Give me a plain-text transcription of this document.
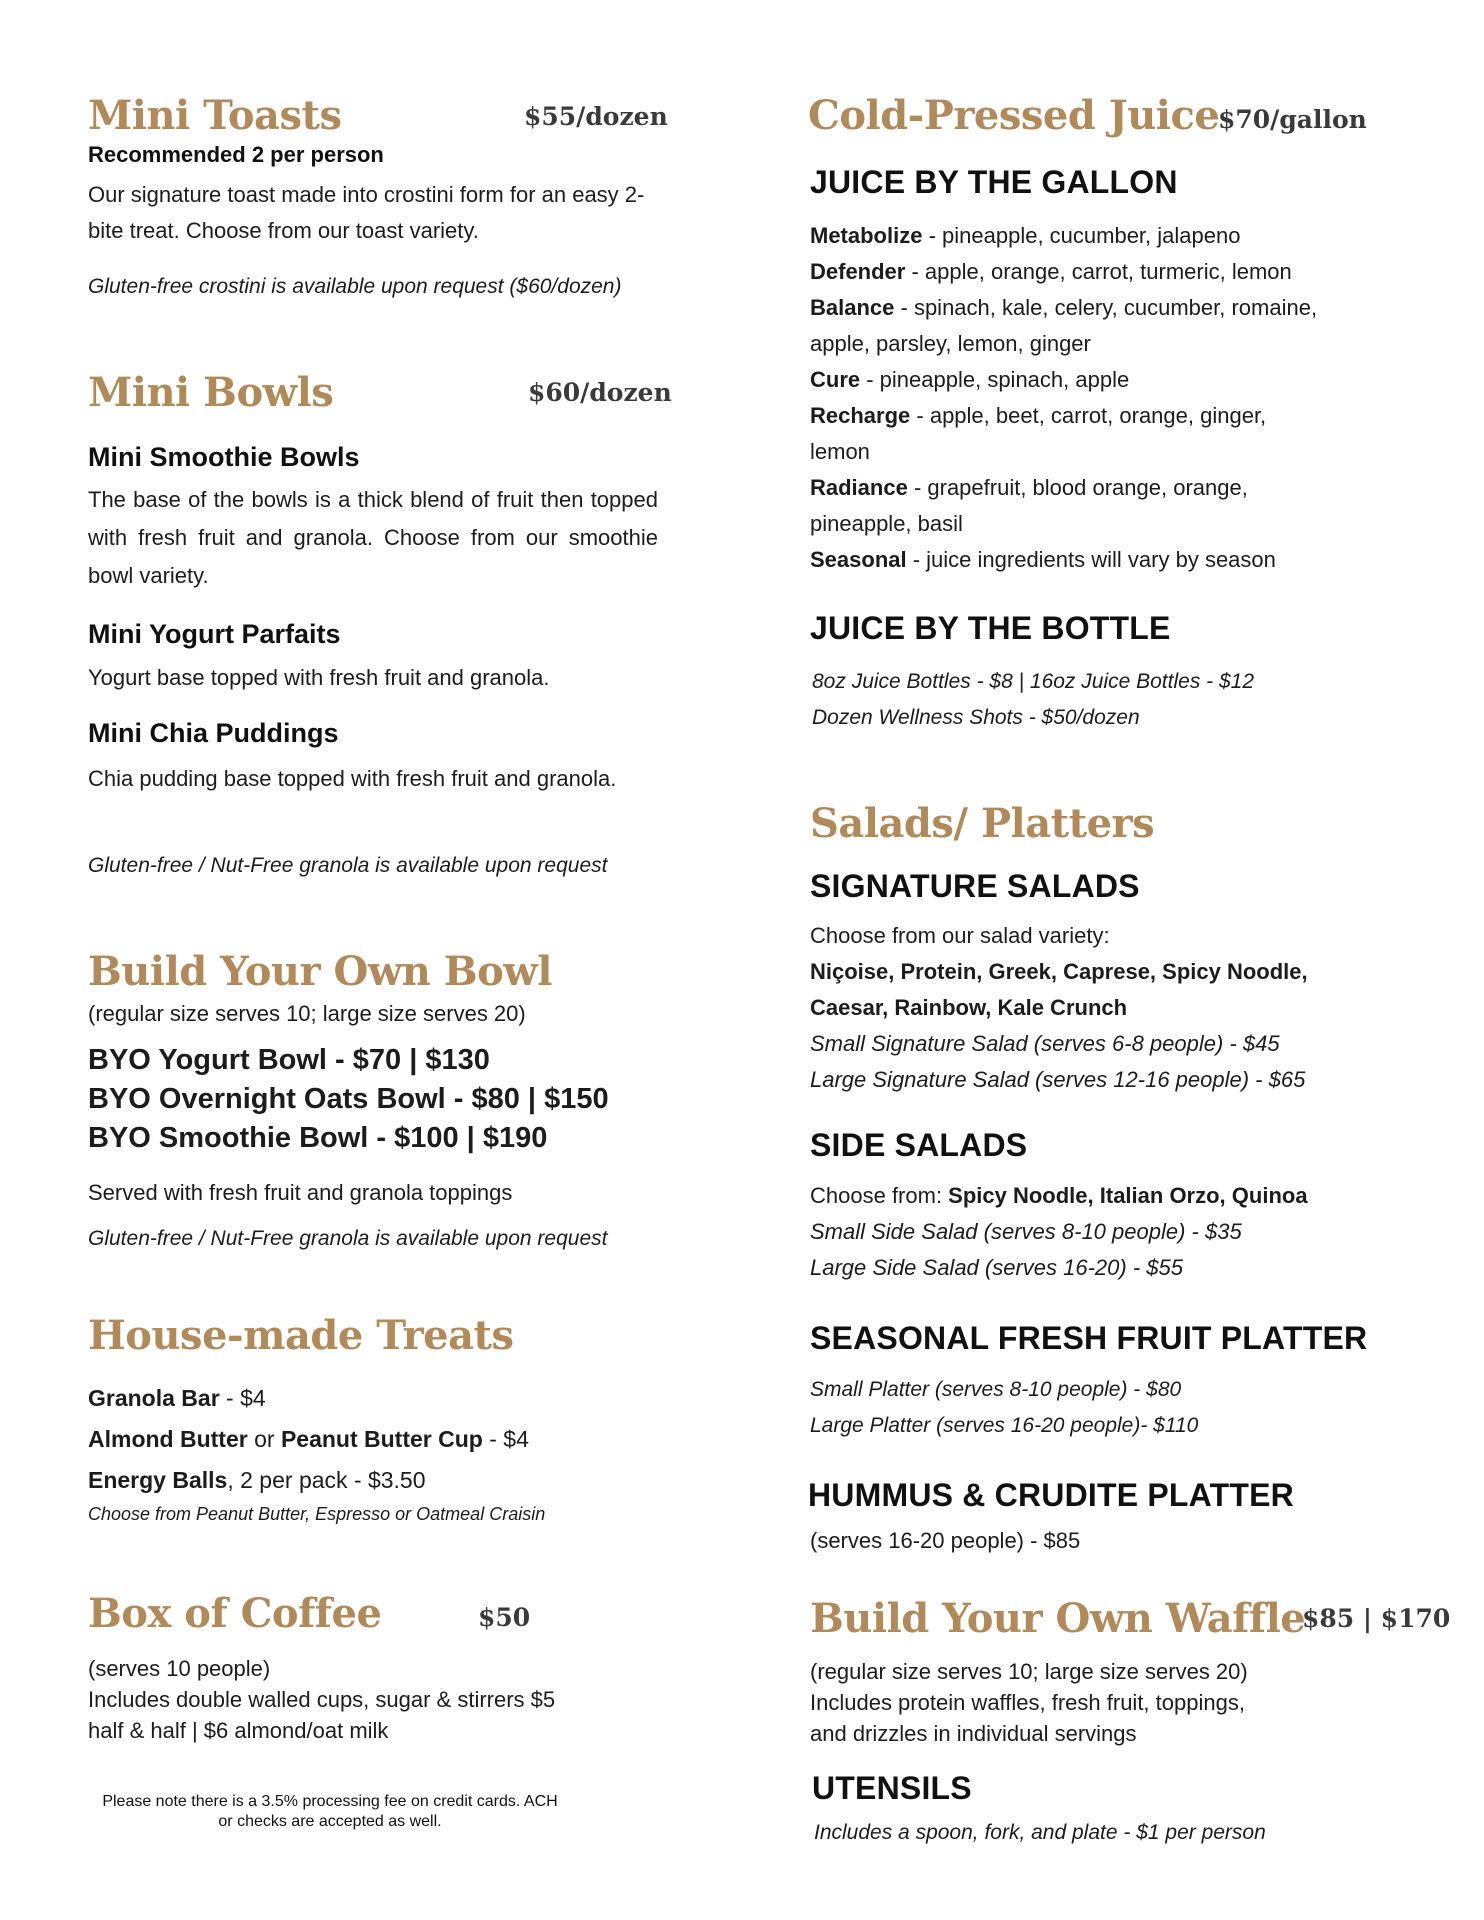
Mini Toasts	$55/dozen
Recommended 2 per person

Our signature toast made into crostini form for an easy 2-bite treat. Choose from our toast variety.

Gluten-free crostini is available upon request ($60/dozen)

Mini Bowls	$60/dozen
Mini Smoothie Bowls

The base of the bowls is a thick blend of fruit then topped with fresh fruit and granola. Choose from our smoothie bowl variety.

Mini Yogurt Parfaits

Yogurt base topped with fresh fruit and granola.

Mini Chia Puddings

Chia pudding base topped with fresh fruit and granola.

Gluten-free / Nut-Free granola is available upon request

Build Your Own Bowl

(regular size serves 10; large size serves 20)

BYO Yogurt Bowl - $70 | $130
BYO Overnight Oats Bowl - $80 | $150
BYO Smoothie Bowl - $100 | $190

Served with fresh fruit and granola toppings

Gluten-free / Nut-Free granola is available upon request

House-made Treats

Granola Bar - $4

Almond Butter or Peanut Butter Cup - $4

Energy Balls, 2 per pack - $3.50

Choose from Peanut Butter, Espresso or Oatmeal Craisin

Box of Coffee	$50
(serves 10 people)
Includes double walled cups, sugar & stirrers $5
half & half | $6 almond/oat milk
Please note there is a 3.5% processing fee on credit cards. ACH
or checks are accepted as well.
Cold-Pressed Juice
$70/gallon
JUICE BY THE GALLON
Metabolize - pineapple, cucumber, jalapeno
Defender - apple, orange, carrot, turmeric, lemon
Balance - spinach, kale, celery, cucumber, romaine,
apple, parsley, lemon, ginger
Cure - pineapple, spinach, apple
Recharge - apple, beet, carrot, orange, ginger,
lemon
Radiance - grapefruit, blood orange, orange,
pineapple, basil
Seasonal - juice ingredients will vary by season
JUICE BY THE BOTTLE
8oz Juice Bottles - $8 | 16oz Juice Bottles - $12
Dozen Wellness Shots - $50/dozen
Salads/ Platters
SIGNATURE SALADS
Choose from our salad variety:
Niçoise, Protein, Greek, Caprese, Spicy Noodle,
Caesar, Rainbow, Kale Crunch
Small Signature Salad (serves 6-8 people) - $45
Large Signature Salad (serves 12-16 people) - $65
SIDE SALADS
Choose from: Spicy Noodle, Italian Orzo, Quinoa
Small Side Salad (serves 8-10 people) - $35
Large Side Salad (serves 16-20) - $55
SEASONAL FRESH FRUIT PLATTER
Small Platter (serves 8-10 people) - $80
Large Platter (serves 16-20 people)- $110
HUMMUS & CRUDITE PLATTER

(serves 16-20 people) - $85

Build Your Own Waffle
$85 | $170
(regular size serves 10; large size serves 20)
Includes protein waffles, fresh fruit, toppings,
and drizzles in individual servings
UTENSILS

Includes a spoon, fork, and plate - $1 per person
